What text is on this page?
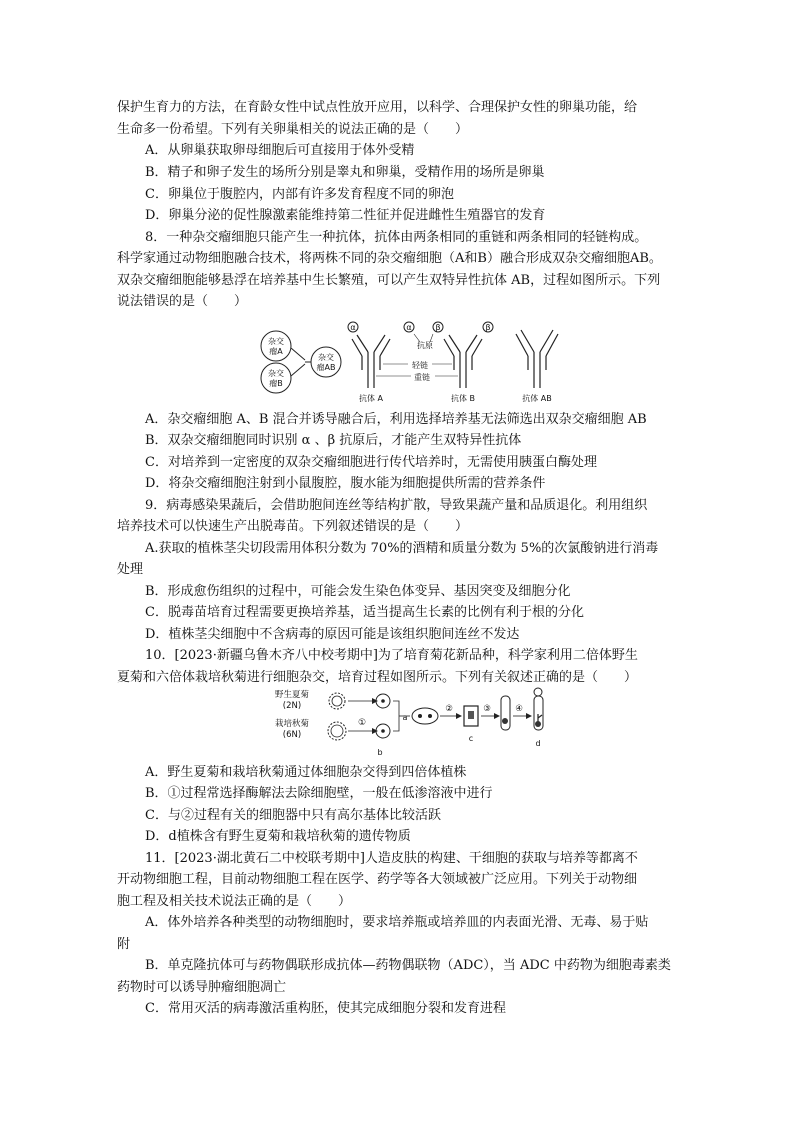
保护生育力的方法，在育龄女性中试点性放开应用，以科学、合理保护女性的卵巢功能，给
生命多一份希望。下列有关卵巢相关的说法正确的是（　　）
A．从卵巢获取卵母细胞后可直接用于体外受精
B．精子和卵子发生的场所分别是睾丸和卵巢，受精作用的场所是卵巢
C．卵巢位于腹腔内，内部有许多发育程度不同的卵泡
D．卵巢分泌的促性腺激素能维持第二性征并促进雌性生殖器官的发育
8．一种杂交瘤细胞只能产生一种抗体，抗体由两条相同的重链和两条相同的轻链构成。
科学家通过动物细胞融合技术，将两株不同的杂交瘤细胞（A和B）融合形成双杂交瘤细胞AB。
双杂交瘤细胞能够悬浮在培养基中生长繁殖，可以产生双特异性抗体 AB，过程如图所示。下列
说法错误的是（　　）
杂交
瘤A
杂交
瘤B
杂交
瘤AB
α	α	β	β
抗原
轻链
重链
抗体 A	抗体 B	抗体 AB
A．杂交瘤细胞 A、B 混合并诱导融合后，利用选择培养基无法筛选出双杂交瘤细胞 AB
B．双杂交瘤细胞同时识别 α 、β 抗原后，才能产生双特异性抗体
C．对培养到一定密度的双杂交瘤细胞进行传代培养时，无需使用胰蛋白酶处理
D．将杂交瘤细胞注射到小鼠腹腔，腹水能为细胞提供所需的营养条件
9．病毒感染果蔬后，会借助胞间连丝等结构扩散，导致果蔬产量和品质退化。利用组织
培养技术可以快速生产出脱毒苗。下列叙述错误的是（　　）
A.获取的植株茎尖切段需用体积分数为 70%的酒精和质量分数为 5%的次氯酸钠进行消毒
处理
B．形成愈伤组织的过程中，可能会发生染色体变异、基因突变及细胞分化
C．脱毒苗培育过程需要更换培养基，适当提高生长素的比例有利于根的分化
D．植株茎尖细胞中不含病毒的原因可能是该组织胞间连丝不发达
10．[2023·新疆乌鲁木齐八中校考期中]为了培育菊花新品种，科学家利用二倍体野生
夏菊和六倍体栽培秋菊进行细胞杂交，培育过程如图所示。下列有关叙述正确的是（　　）
野生夏菊
(2N)
栽培秋菊
(6N)
①
b
a
②
c
③	④
d
A．野生夏菊和栽培秋菊通过体细胞杂交得到四倍体植株
B．①过程常选择酶解法去除细胞壁，一般在低渗溶液中进行
C．与②过程有关的细胞器中只有高尔基体比较活跃
D．d植株含有野生夏菊和栽培秋菊的遗传物质
11．[2023·湖北黄石二中校联考期中]人造皮肤的构建、干细胞的获取与培养等都离不
开动物细胞工程，目前动物细胞工程在医学、药学等各大领域被广泛应用。下列关于动物细
胞工程及相关技术说法正确的是（　　）
A．体外培养各种类型的动物细胞时，要求培养瓶或培养皿的内表面光滑、无毒、易于贴
附
B．单克隆抗体可与药物偶联形成抗体—药物偶联物（ADC），当 ADC 中药物为细胞毒素类
药物时可以诱导肿瘤细胞凋亡
C．常用灭活的病毒激活重构胚，使其完成细胞分裂和发育进程
